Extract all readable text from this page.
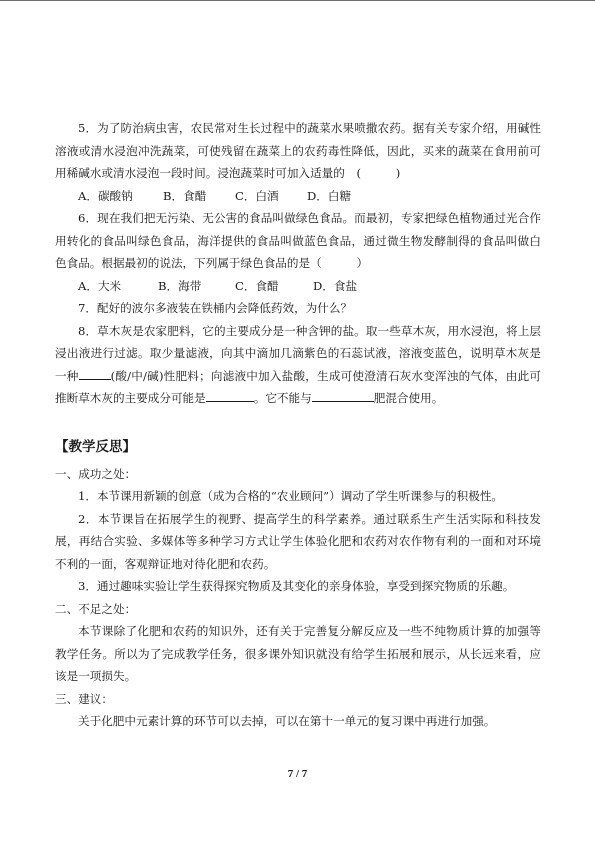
5．为了防治病虫害，农民常对生长过程中的蔬菜水果喷撒农药。据有关专家介绍，用碱性溶液或清水浸泡冲洗蔬菜，可使残留在蔬菜上的农药毒性降低，因此，买来的蔬菜在食用前可用稀碱水或清水浸泡一段时间。浸泡蔬菜时可加入适量的　(　　　)

A．碳酸钠	B．食醋 C．白酒 D．白糖

6．现在我们把无污染、无公害的食品叫做绿色食品。而最初，专家把绿色植物通过光合作用转化的食品叫绿色食品，海洋提供的食品叫做蓝色食品，通过微生物发酵制得的食品叫做白色食品。根据最初的说法，下列属于绿色食品的是（　　　）

A．大米	B．海带	C．食醋	D．食盐

7．配好的波尔多液装在铁桶内会降低药效，为什么？

8．草木灰是农家肥料，它的主要成分是一种含钾的盐。取一些草木灰，用水浸泡，将上层浸出液进行过滤。取少量滤液，向其中滴加几滴紫色的石蕊试液，溶液变蓝色，说明草木灰是一种	(酸/中/碱)性肥料；向滤液中加入盐酸，生成可使澄清石灰水变浑浊的气体，由此可推断草木灰的主要成分可能是	。它不能与	肥混合使用。

【教学反思】

一、成功之处：

1．本节课用新颖的创意（成为合格的“农业顾问”）调动了学生听课参与的积极性。

2．本节课旨在拓展学生的视野、提高学生的科学素养。通过联系生产生活实际和科技发展，再结合实验、多媒体等多种学习方式让学生体验化肥和农药对农作物有利的一面和对环境不利的一面，客观辩证地对待化肥和农药。

3．通过趣味实验让学生获得探究物质及其变化的亲身体验，享受到探究物质的乐趣。

二、不足之处：

本节课除了化肥和农药的知识外，还有关于完善复分解反应及一些不纯物质计算的加强等教学任务。所以为了完成教学任务，很多课外知识就没有给学生拓展和展示，从长远来看，应该是一项损失。

三、建议：

关于化肥中元素计算的环节可以去掉，可以在第十一单元的复习课中再进行加强。

7 / 7
